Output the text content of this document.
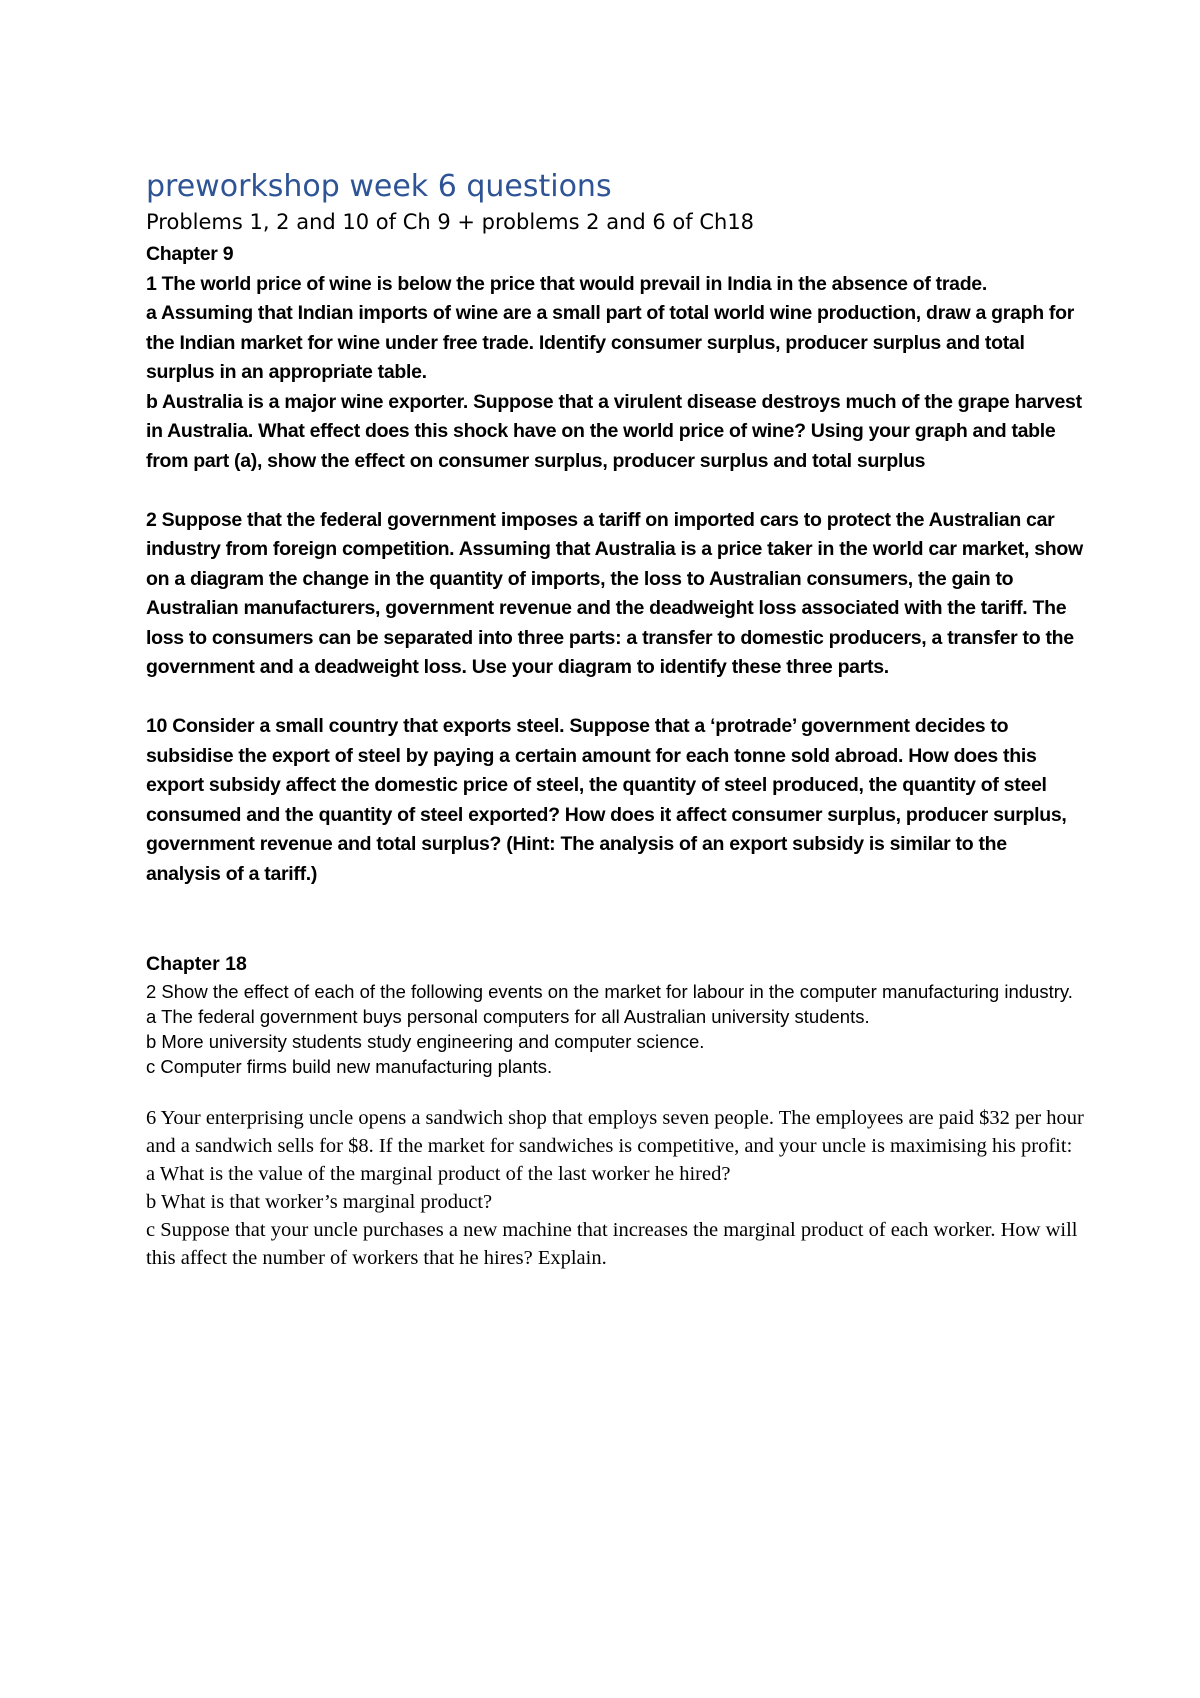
preworkshop week 6 questions
Problems 1, 2 and 10 of Ch 9 + problems 2 and 6 of Ch18

Chapter 9

1 The world price of wine is below the price that would prevail in India in the absence of trade.

a Assuming that Indian imports of wine are a small part of total world wine production, draw a graph for the Indian market for wine under free trade. Identify consumer surplus, producer surplus and total surplus in an appropriate table.

b Australia is a major wine exporter. Suppose that a virulent disease destroys much of the grape harvest in Australia. What effect does this shock have on the world price of wine? Using your graph and table from part (a), show the effect on consumer surplus, producer surplus and total surplus

2 Suppose that the federal government imposes a tariff on imported cars to protect the Australian car industry from foreign competition. Assuming that Australia is a price taker in the world car market, show on a diagram the change in the quantity of imports, the loss to Australian consumers, the gain to Australian manufacturers, government revenue and the deadweight loss associated with the tariff. The loss to consumers can be separated into three parts: a transfer to domestic producers, a transfer to the government and a deadweight loss. Use your diagram to identify these three parts.

10 Consider a small country that exports steel. Suppose that a ‘protrade’ government decides to subsidise the export of steel by paying a certain amount for each tonne sold abroad. How does this export subsidy affect the domestic price of steel, the quantity of steel produced, the quantity of steel consumed and the quantity of steel exported? How does it affect consumer surplus, producer surplus, government revenue and total surplus? (Hint: The analysis of an export subsidy is similar to the analysis of a tariff.)

Chapter 18

2 Show the effect of each of the following events on the market for labour in the computer manufacturing industry.

a The federal government buys personal computers for all Australian university students.

b More university students study engineering and computer science.

c Computer firms build new manufacturing plants.

6 Your enterprising uncle opens a sandwich shop that employs seven people. The employees are paid $32 per hour and a sandwich sells for $8. If the market for sandwiches is competitive, and your uncle is maximising his profit:

a What is the value of the marginal product of the last worker he hired?

b What is that worker’s marginal product?

c Suppose that your uncle purchases a new machine that increases the marginal product of each worker. How will this affect the number of workers that he hires? Explain.
